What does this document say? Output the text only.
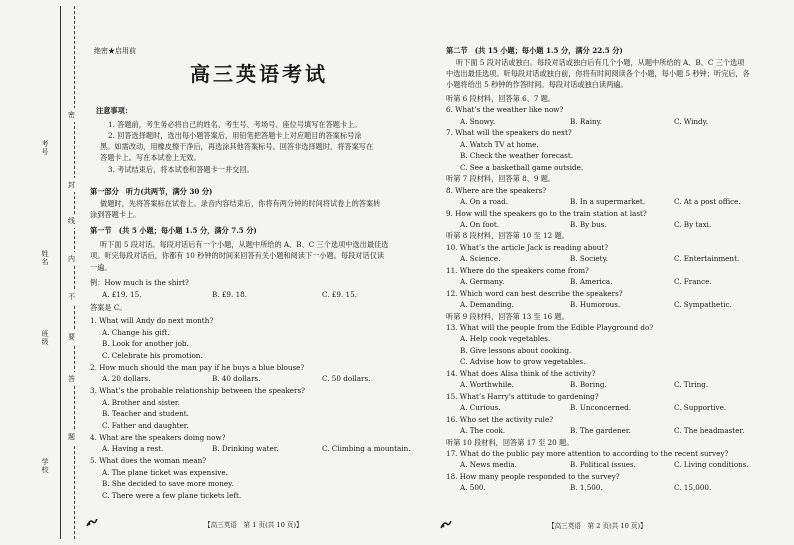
考号
姓名
班级
学校
密
封
线
内
不
要
答
题
绝密★启用前
高三英语考试
注意事项：
1. 答题前，考生务必将自己的姓名、考生号、考场号、座位号填写在答题卡上。
2. 回答选择题时，选出每小题答案后，用铅笔把答题卡上对应题目的答案标号涂
黑。如需改动，用橡皮擦干净后，再选涂其他答案标号。回答非选择题时，将答案写在
答题卡上。写在本试卷上无效。
3. 考试结束后，将本试卷和答题卡一并交回。
第一部分　听力(共两节，满分 30 分)
做题时，先将答案标在试卷上。录音内容结束后，你将有两分钟的时间将试卷上的答案转
涂到答题卡上。
第一节　(共 5 小题；每小题 1.5 分，满分 7.5 分)
听下面 5 段对话。每段对话后有一个小题，从题中所给的 A、B、C 三个选项中选出最佳选
项。听完每段对话后，你都有 10 秒钟的时间来回答有关小题和阅读下一小题。每段对话仅读
一遍。
例：How much is the shirt?
A. £19. 15.	B. £9. 18.	C. £9. 15.
答案是 C。
1. What will Andy do next month?
A. Change his gift.
B. Look for another job.
C. Celebrate his promotion.
2. How much should the man pay if he buys a blue blouse?
A. 20 dollars.	B. 40 dollars.	C. 50 dollars.
3. What’s the probable relationship between the speakers?
A. Brother and sister.
B. Teacher and student.
C. Father and daughter.
4. What are the speakers doing now?
A. Having a rest.	B. Drinking water.	C. Climbing a mountain.
5. What does the woman mean?
A. The plane ticket was expensive.
B. She decided to save more money.
C. There were a few plane tickets left.
【高三英语　第 1 页(共 10 页)】
第二节　(共 15 小题；每小题 1.5 分，满分 22.5 分)
听下面 5 段对话或独白。每段对话或独白后有几个小题，从题中所给的 A、B、C 三个选项
中选出最佳选项。听每段对话或独白前，你将有时间阅读各个小题，每小题 5 秒钟；听完后，各
小题将给出 5 秒钟的作答时间。每段对话或独白读两遍。
听第 6 段材料，回答第 6、7 题。
6. What’s the weather like now?
A. Snowy.	B. Rainy.	C. Windy.
7. What will the speakers do next?
A. Watch TV at home.
B. Check the weather forecast.
C. See a basketball game outside.
听第 7 段材料，回答第 8、9 题。
8. Where are the speakers?
A. On a road.	B. In a supermarket.	C. At a post office.
9. How will the speakers go to the train station at last?
A. On foot.	B. By bus.	C. By taxi.
听第 8 段材料，回答第 10 至 12 题。
10. What’s the article Jack is reading about?
A. Science.	B. Society.	C. Entertainment.
11. Where do the speakers come from?
A. Germany.	B. America.	C. France.
12. Which word can best describe the speakers?
A. Demanding.	B. Humorous.	C. Sympathetic.
听第 9 段材料，回答第 13 至 16 题。
13. What will the people from the Edible Playground do?
A. Help cook vegetables.
B. Give lessons about cooking.
C. Advise how to grow vegetables.
14. What does Alisa think of the activity?
A. Worthwhile.	B. Boring.	C. Tiring.
15. What’s Harry’s attitude to gardening?
A. Curious.	B. Unconcerned.	C. Supportive.
16. Who set the activity rule?
A. The cook.	B. The gardener.	C. The headmaster.
听第 10 段材料，回答第 17 至 20 题。
17. What do the public pay more attention to according to the recent survey?
A. News media.	B. Political issues.	C. Living conditions.
18. How many people responded to the survey?
A. 500.	B. 1,500.	C. 15,000.
【高三英语　第 2 页(共 10 页)】
